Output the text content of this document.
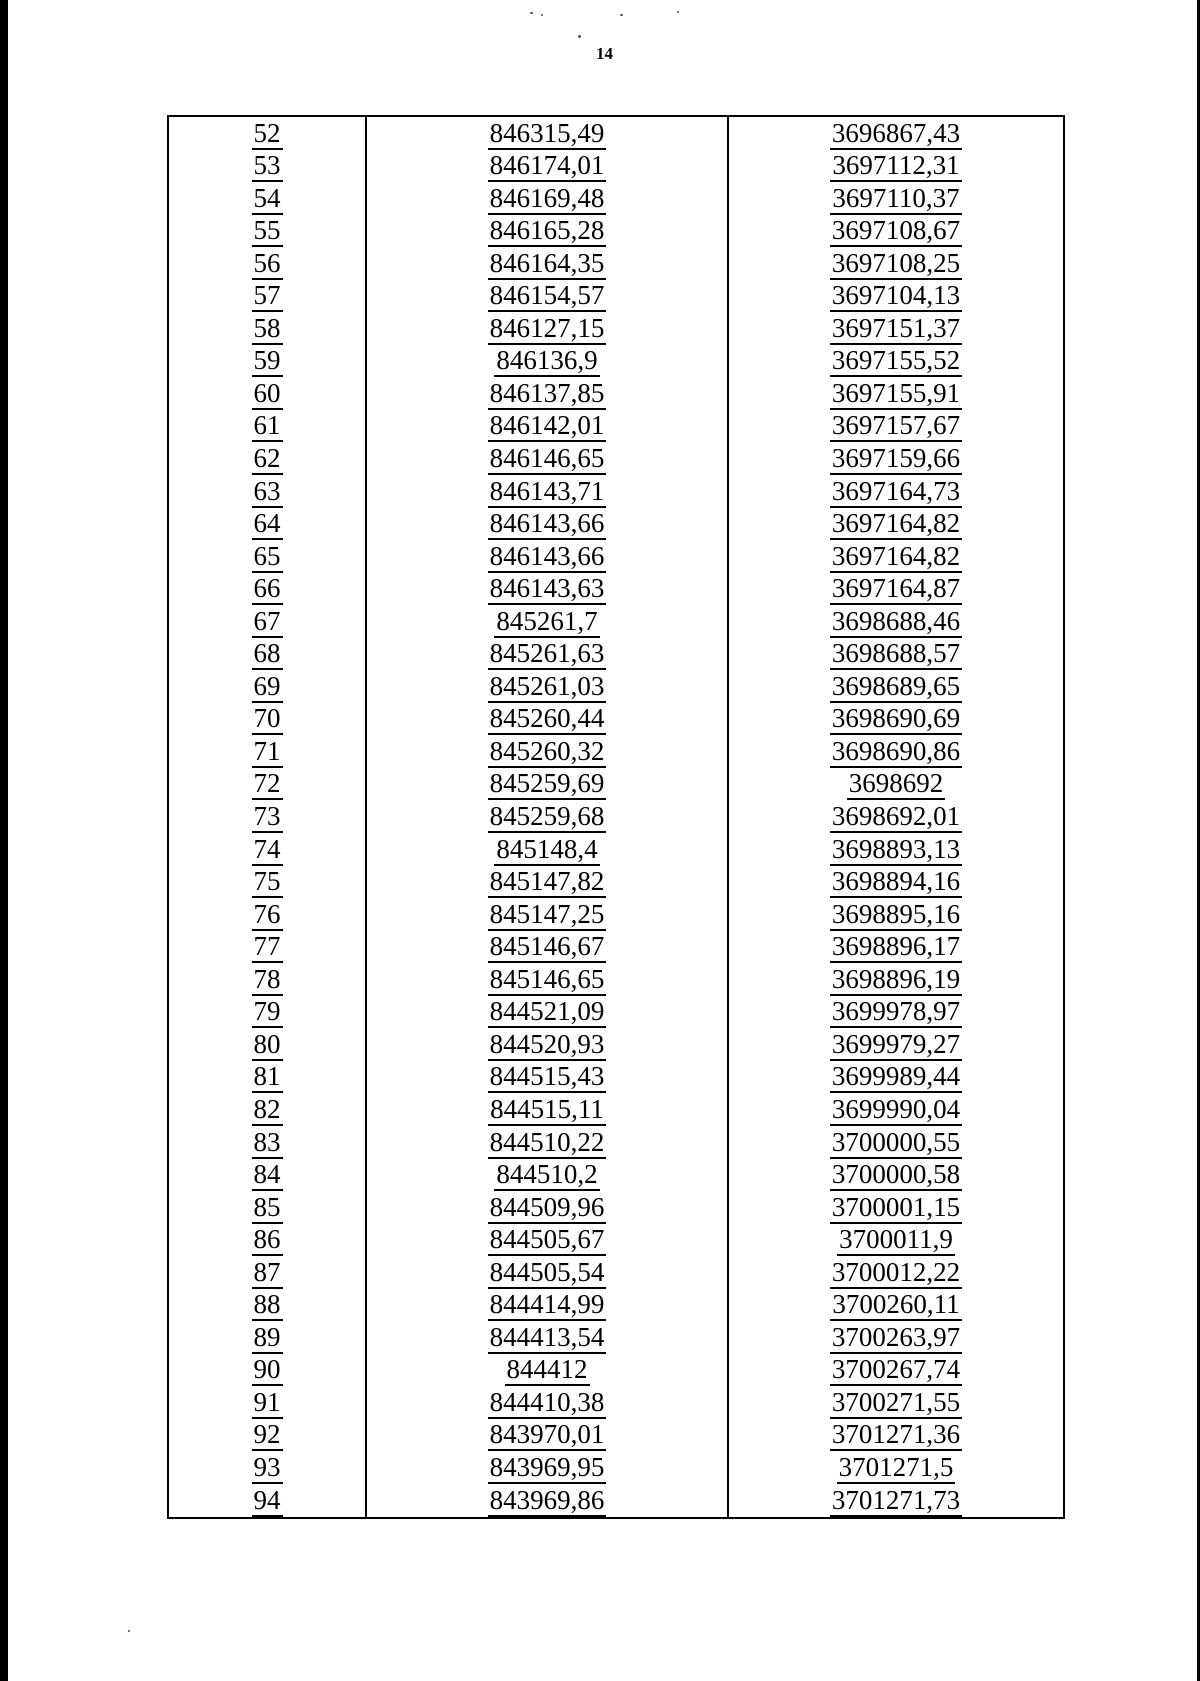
14
52	846315,49	3696867,43
53	846174,01	3697112,31
54	846169,48	3697110,37
55	846165,28	3697108,67
56	846164,35	3697108,25
57	846154,57	3697104,13
58	846127,15	3697151,37
59	846136,9	3697155,52
60	846137,85	3697155,91
61	846142,01	3697157,67
62	846146,65	3697159,66
63	846143,71	3697164,73
64	846143,66	3697164,82
65	846143,66	3697164,82
66	846143,63	3697164,87
67	845261,7	3698688,46
68	845261,63	3698688,57
69	845261,03	3698689,65
70	845260,44	3698690,69
71	845260,32	3698690,86
72	845259,69	3698692
73	845259,68	3698692,01
74	845148,4	3698893,13
75	845147,82	3698894,16
76	845147,25	3698895,16
77	845146,67	3698896,17
78	845146,65	3698896,19
79	844521,09	3699978,97
80	844520,93	3699979,27
81	844515,43	3699989,44
82	844515,11	3699990,04
83	844510,22	3700000,55
84	844510,2	3700000,58
85	844509,96	3700001,15
86	844505,67	3700011,9
87	844505,54	3700012,22
88	844414,99	3700260,11
89	844413,54	3700263,97
90	844412	3700267,74
91	844410,38	3700271,55
92	843970,01	3701271,36
93	843969,95	3701271,5
94	843969,86	3701271,73
